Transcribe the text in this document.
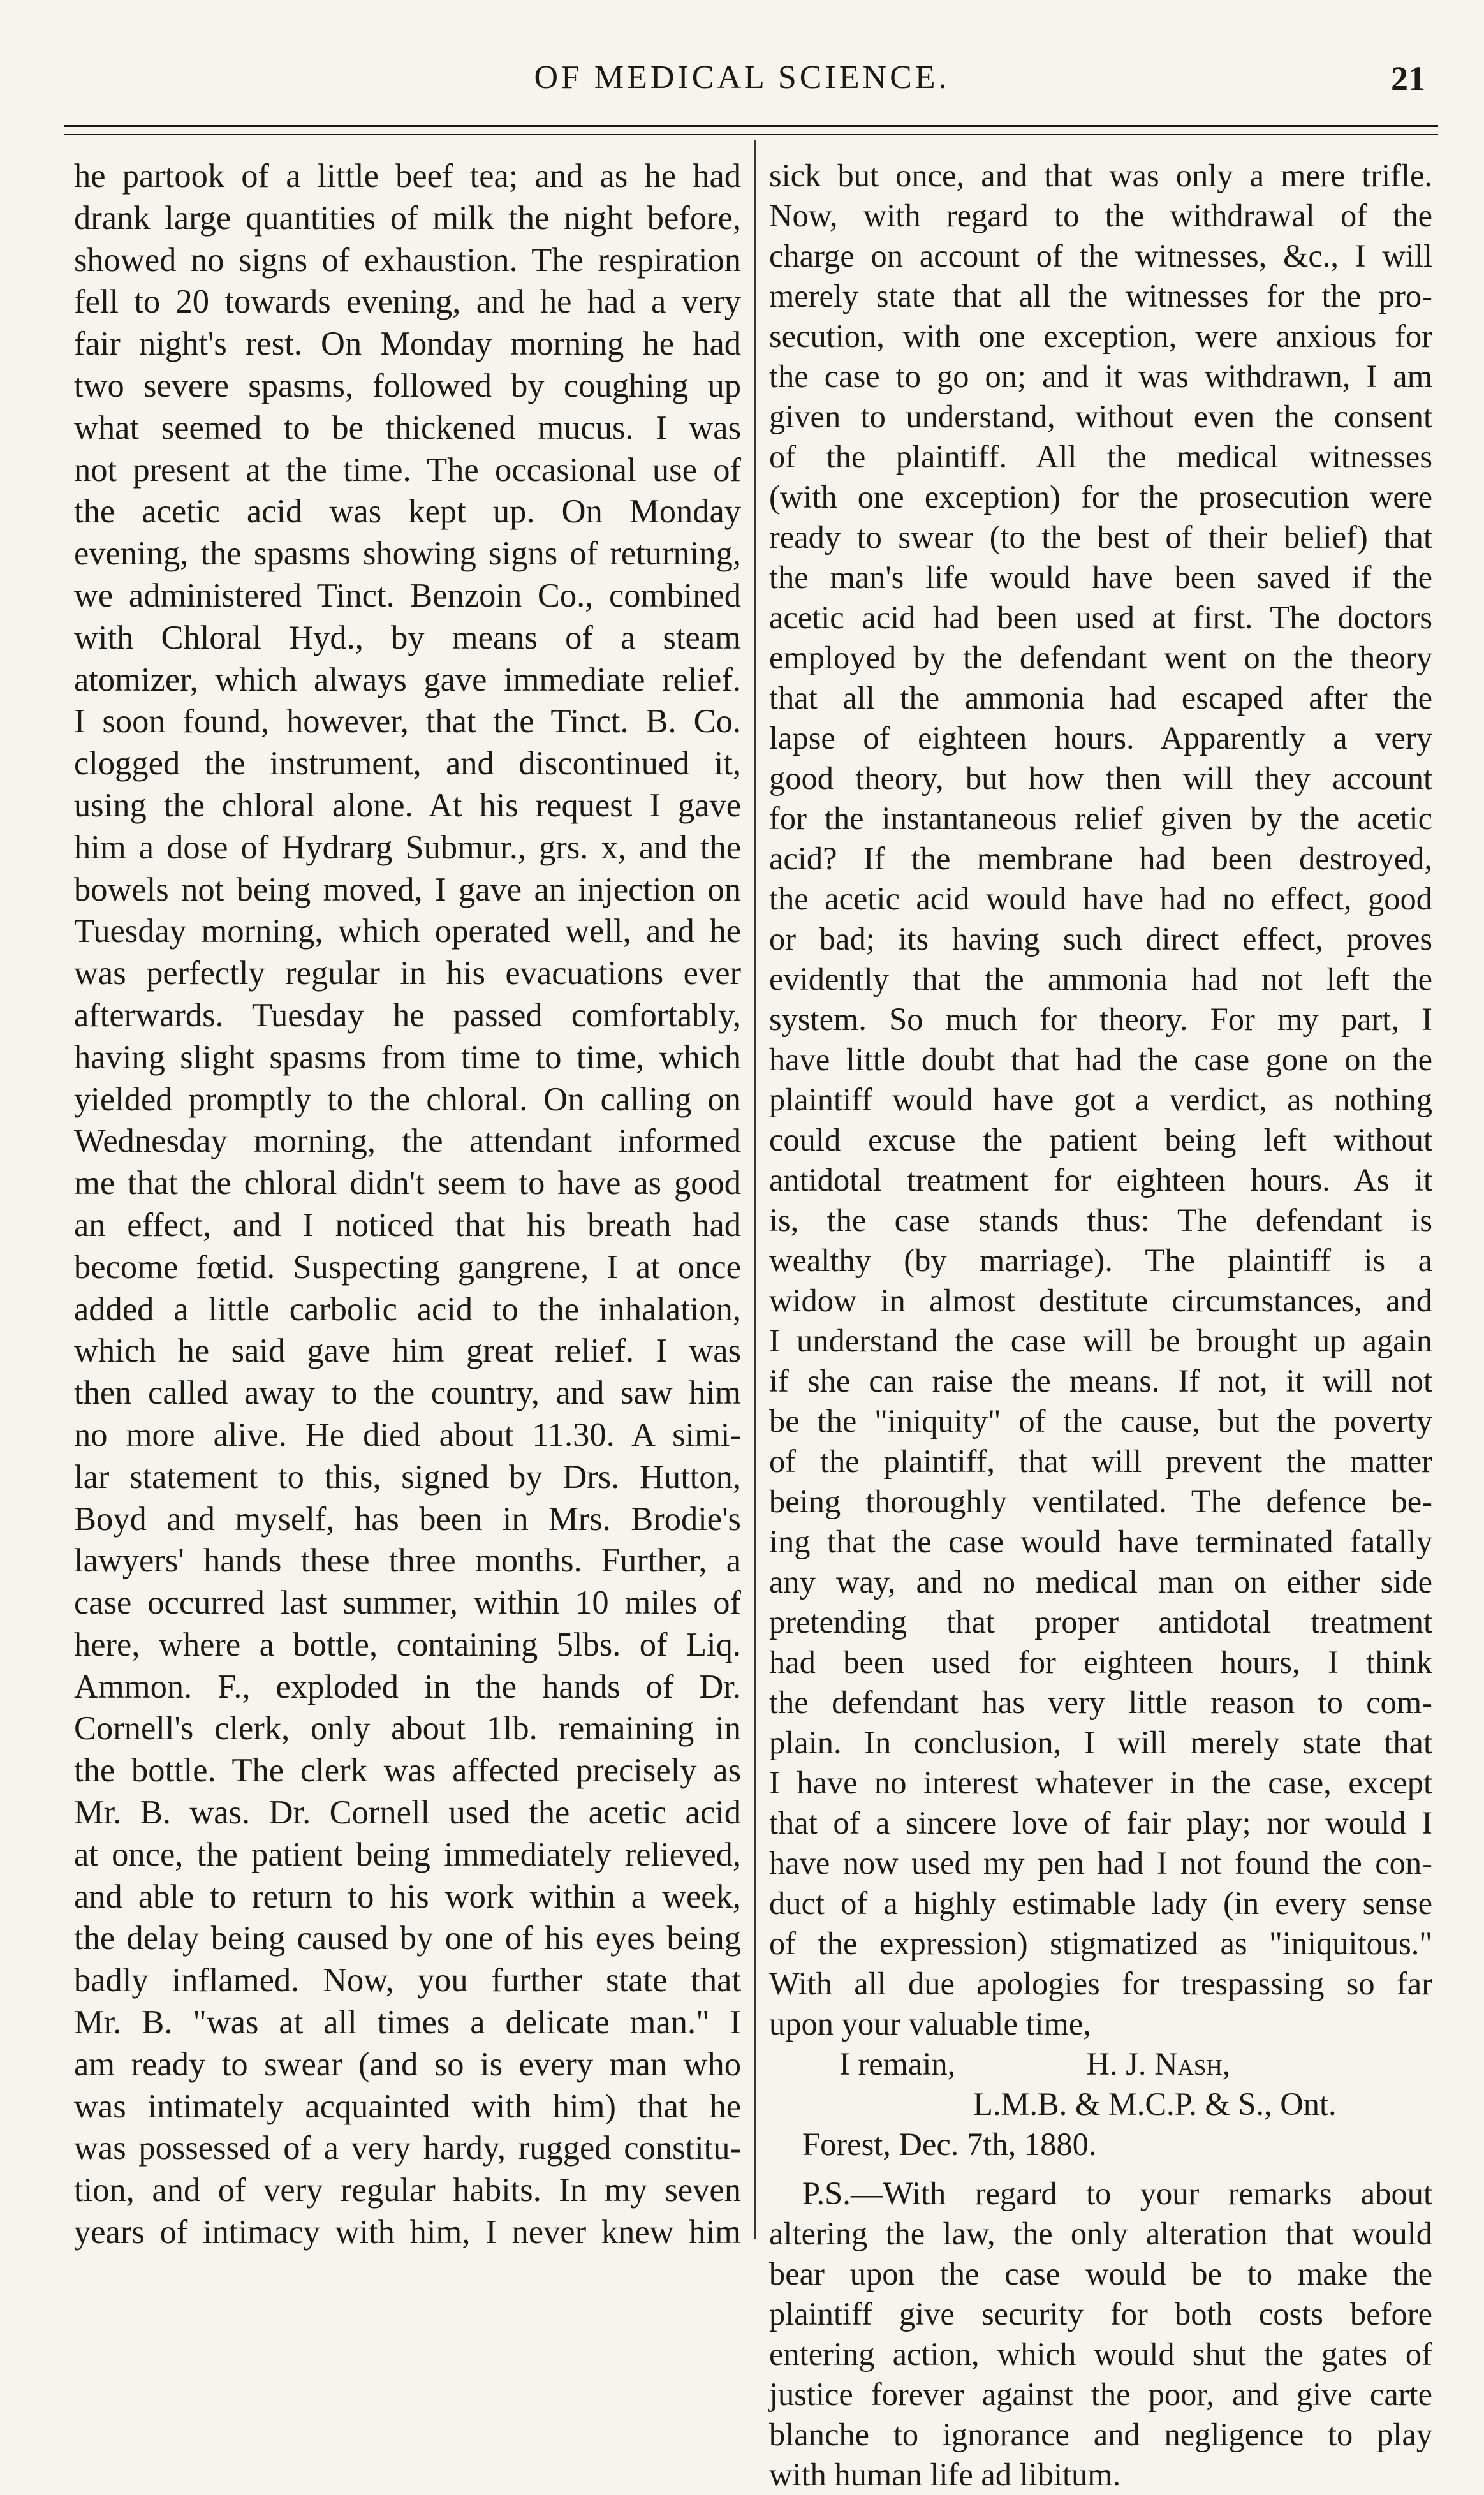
OF MEDICAL SCIENCE.	21
he partook of a little beef tea; and as he had
drank large quantities of milk the night before,
showed no signs of exhaustion. The respiration
fell to 20 towards evening, and he had a very
fair night's rest. On Monday morning he had
two severe spasms, followed by coughing up
what seemed to be thickened mucus. I was
not present at the time. The occasional use of
the acetic acid was kept up. On Monday
evening, the spasms showing signs of returning,
we administered Tinct. Benzoin Co., combined
with Chloral Hyd., by means of a steam
atomizer, which always gave immediate relief.
I soon found, however, that the Tinct. B. Co.
clogged the instrument, and discontinued it,
using the chloral alone. At his request I gave
him a dose of Hydrarg Submur., grs. x, and the
bowels not being moved, I gave an injection on
Tuesday morning, which operated well, and he
was perfectly regular in his evacuations ever
afterwards. Tuesday he passed comfortably,
having slight spasms from time to time, which
yielded promptly to the chloral. On calling on
Wednesday morning, the attendant informed
me that the chloral didn't seem to have as good
an effect, and I noticed that his breath had
become fœtid. Suspecting gangrene, I at once
added a little carbolic acid to the inhalation,
which he said gave him great relief. I was
then called away to the country, and saw him
no more alive. He died about 11.30. A simi-
lar statement to this, signed by Drs. Hutton,
Boyd and myself, has been in Mrs. Brodie's
lawyers' hands these three months. Further, a
case occurred last summer, within 10 miles of
here, where a bottle, containing 5lbs. of Liq.
Ammon. F., exploded in the hands of Dr.
Cornell's clerk, only about 1lb. remaining in
the bottle. The clerk was affected precisely as
Mr. B. was. Dr. Cornell used the acetic acid
at once, the patient being immediately relieved,
and able to return to his work within a week,
the delay being caused by one of his eyes being
badly inflamed. Now, you further state that
Mr. B. "was at all times a delicate man." I
am ready to swear (and so is every man who
was intimately acquainted with him) that he
was possessed of a very hardy, rugged constitu-
tion, and of very regular habits. In my seven
years of intimacy with him, I never knew him
sick but once, and that was only a mere trifle.
Now, with regard to the withdrawal of the
charge on account of the witnesses, &c., I will
merely state that all the witnesses for the pro-
secution, with one exception, were anxious for
the case to go on; and it was withdrawn, I am
given to understand, without even the consent
of the plaintiff. All the medical witnesses
(with one exception) for the prosecution were
ready to swear (to the best of their belief) that
the man's life would have been saved if the
acetic acid had been used at first. The doctors
employed by the defendant went on the theory
that all the ammonia had escaped after the
lapse of eighteen hours. Apparently a very
good theory, but how then will they account
for the instantaneous relief given by the acetic
acid? If the membrane had been destroyed,
the acetic acid would have had no effect, good
or bad; its having such direct effect, proves
evidently that the ammonia had not left the
system. So much for theory. For my part, I
have little doubt that had the case gone on the
plaintiff would have got a verdict, as nothing
could excuse the patient being left without
antidotal treatment for eighteen hours. As it
is, the case stands thus: The defendant is
wealthy (by marriage). The plaintiff is a
widow in almost destitute circumstances, and
I understand the case will be brought up again
if she can raise the means. If not, it will not
be the "iniquity" of the cause, but the poverty
of the plaintiff, that will prevent the matter
being thoroughly ventilated. The defence be-
ing that the case would have terminated fatally
any way, and no medical man on either side
pretending that proper antidotal treatment
had been used for eighteen hours, I think
the defendant has very little reason to com-
plain. In conclusion, I will merely state that
I have no interest whatever in the case, except
that of a sincere love of fair play; nor would I
have now used my pen had I not found the con-
duct of a highly estimable lady (in every sense
of the expression) stigmatized as "iniquitous."
With all due apologies for trespassing so far
upon your valuable time,
I remain,	H. J. Nash,
L.M.B. & M.C.P. & S., Ont.
Forest, Dec. 7th, 1880.
P.S.—With regard to your remarks about
altering the law, the only alteration that would
bear upon the case would be to make the
plaintiff give security for both costs before
entering action, which would shut the gates of
justice forever against the poor, and give carte
blanche to ignorance and negligence to play
with human life ad libitum.
